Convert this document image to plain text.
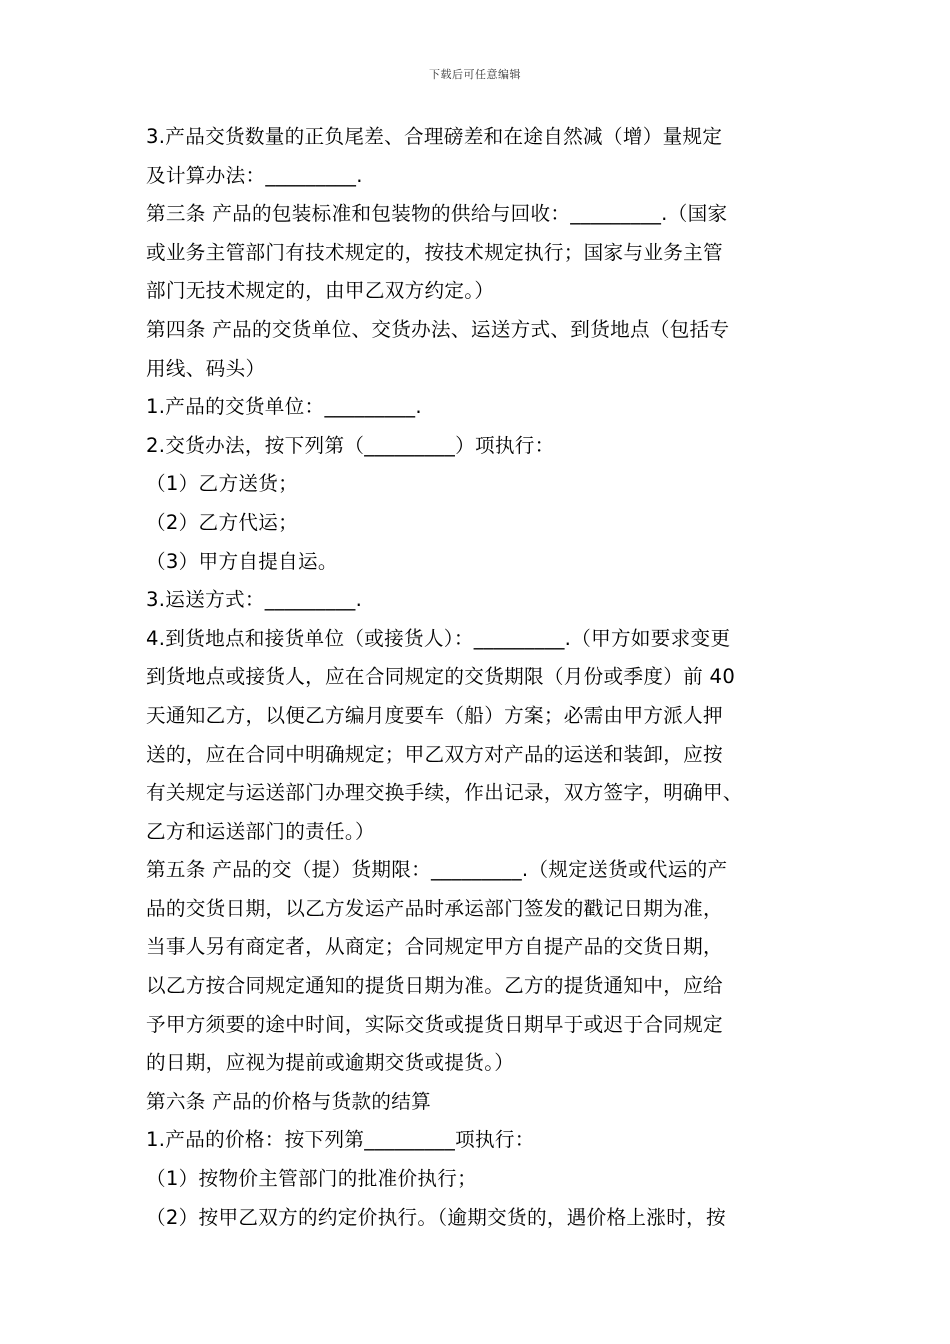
下载后可任意编辑
3.产品交货数量的正负尾差、合理磅差和在途自然减（增）量规定
及计算办法：_________.
第三条 产品的包装标准和包装物的供给与回收：_________.（国家
或业务主管部门有技术规定的，按技术规定执行；国家与业务主管
部门无技术规定的，由甲乙双方约定。）
第四条 产品的交货单位、交货办法、运送方式、到货地点（包括专
用线、码头）
1.产品的交货单位：_________.
2.交货办法，按下列第（_________）项执行：
（1）乙方送货；
（2）乙方代运；
（3）甲方自提自运。
3.运送方式：_________.
4.到货地点和接货单位（或接货人）：_________.（甲方如要求变更
到货地点或接货人，应在合同规定的交货期限（月份或季度）前 40
天通知乙方，以便乙方编月度要车（船）方案；必需由甲方派人押
送的，应在合同中明确规定；甲乙双方对产品的运送和装卸，应按
有关规定与运送部门办理交换手续，作出记录，双方签字，明确甲、
乙方和运送部门的责任。）
第五条 产品的交（提）货期限：_________.（规定送货或代运的产
品的交货日期，以乙方发运产品时承运部门签发的戳记日期为准，
当事人另有商定者，从商定；合同规定甲方自提产品的交货日期，
以乙方按合同规定通知的提货日期为准。乙方的提货通知中，应给
予甲方须要的途中时间，实际交货或提货日期早于或迟于合同规定
的日期，应视为提前或逾期交货或提货。）
第六条 产品的价格与货款的结算
1.产品的价格：按下列第_________项执行：
（1）按物价主管部门的批准价执行；
（2）按甲乙双方的约定价执行。（逾期交货的，遇价格上涨时，按
